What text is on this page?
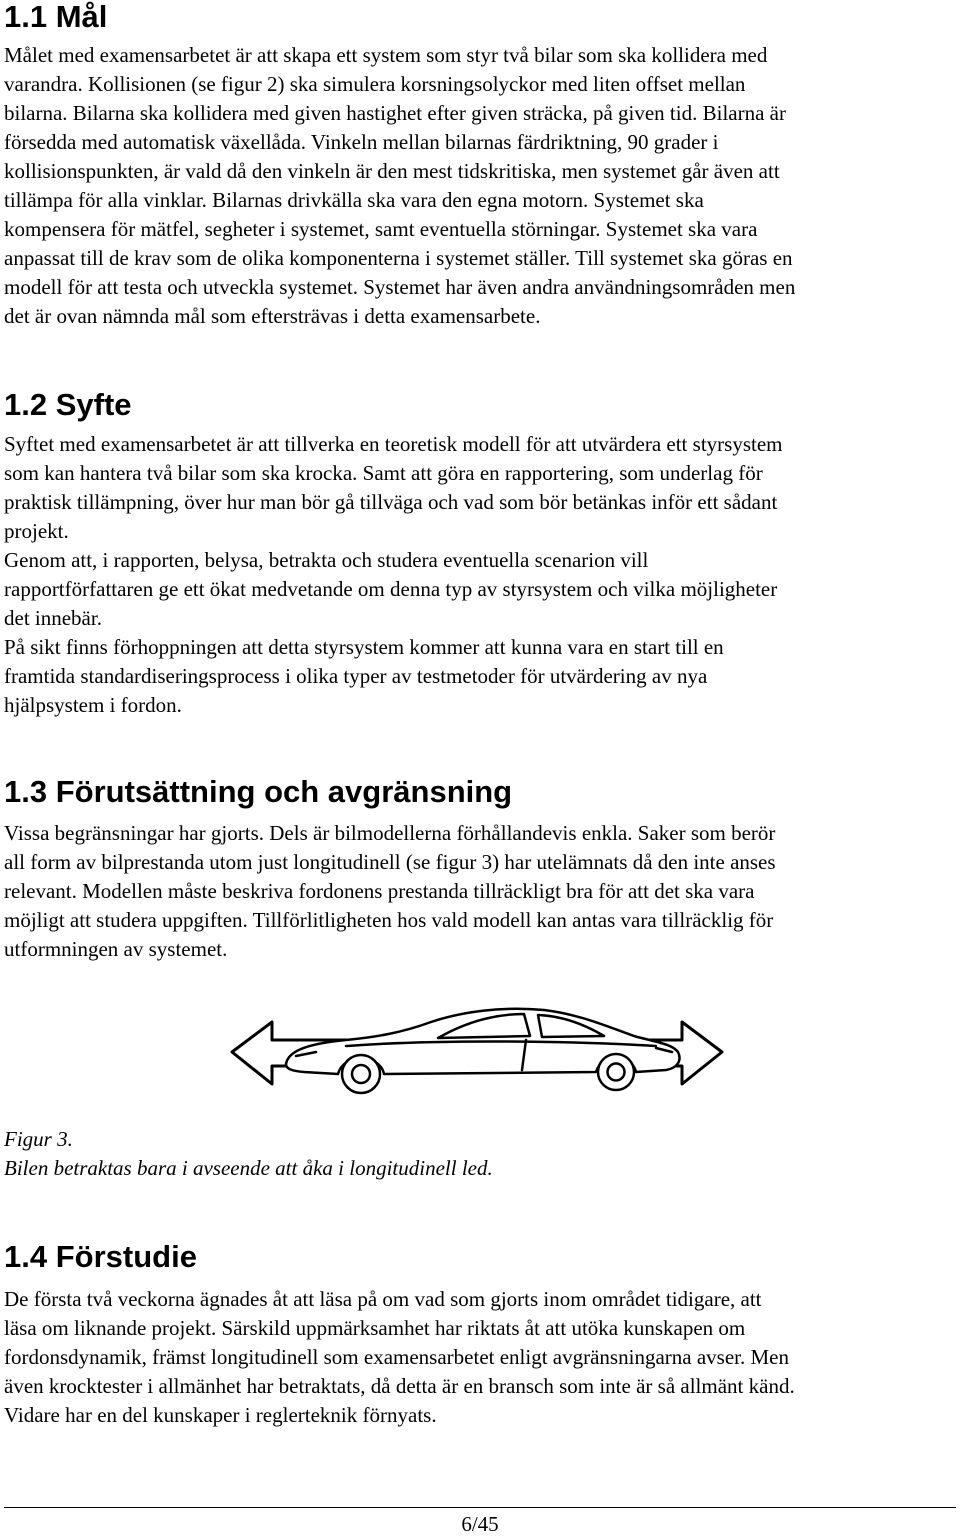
1.1 Mål
Målet med examensarbetet är att skapa ett system som styr två bilar som ska kollidera med
varandra. Kollisionen (se figur 2) ska simulera korsningsolyckor med liten offset mellan
bilarna. Bilarna ska kollidera med given hastighet efter given sträcka, på given tid. Bilarna är
försedda med automatisk växellåda. Vinkeln mellan bilarnas färdriktning, 90 grader i
kollisionspunkten, är vald då den vinkeln är den mest tidskritiska, men systemet går även att
tillämpa för alla vinklar. Bilarnas drivkälla ska vara den egna motorn. Systemet ska
kompensera för mätfel, segheter i systemet, samt eventuella störningar. Systemet ska vara
anpassat till de krav som de olika komponenterna i systemet ställer. Till systemet ska göras en
modell för att testa och utveckla systemet. Systemet har även andra användningsområden men
det är ovan nämnda mål som eftersträvas i detta examensarbete.
1.2 Syfte
Syftet med examensarbetet är att tillverka en teoretisk modell för att utvärdera ett styrsystem
som kan hantera två bilar som ska krocka. Samt att göra en rapportering, som underlag för
praktisk tillämpning, över hur man bör gå tillväga och vad som bör betänkas inför ett sådant
projekt.
Genom att, i rapporten, belysa, betrakta och studera eventuella scenarion vill
rapportförfattaren ge ett ökat medvetande om denna typ av styrsystem och vilka möjligheter
det innebär.
På sikt finns förhoppningen att detta styrsystem kommer att kunna vara en start till en
framtida standardiseringsprocess i olika typer av testmetoder för utvärdering av nya
hjälpsystem i fordon.
1.3 Förutsättning och avgränsning
Vissa begränsningar har gjorts. Dels är bilmodellerna förhållandevis enkla. Saker som berör
all form av bilprestanda utom just longitudinell (se figur 3) har utelämnats då den inte anses
relevant. Modellen måste beskriva fordonens prestanda tillräckligt bra för att det ska vara
möjligt att studera uppgiften. Tillförlitligheten hos vald modell kan antas vara tillräcklig för
utformningen av systemet.
Figur 3.
Bilen betraktas bara i avseende att åka i longitudinell led.
1.4 Förstudie
De första två veckorna ägnades åt att läsa på om vad som gjorts inom området tidigare, att
läsa om liknande projekt. Särskild uppmärksamhet har riktats åt att utöka kunskapen om
fordonsdynamik, främst longitudinell som examensarbetet enligt avgränsningarna avser. Men
även krocktester i allmänhet har betraktats, då detta är en bransch som inte är så allmänt känd.
Vidare har en del kunskaper i reglerteknik förnyats.
6/45
